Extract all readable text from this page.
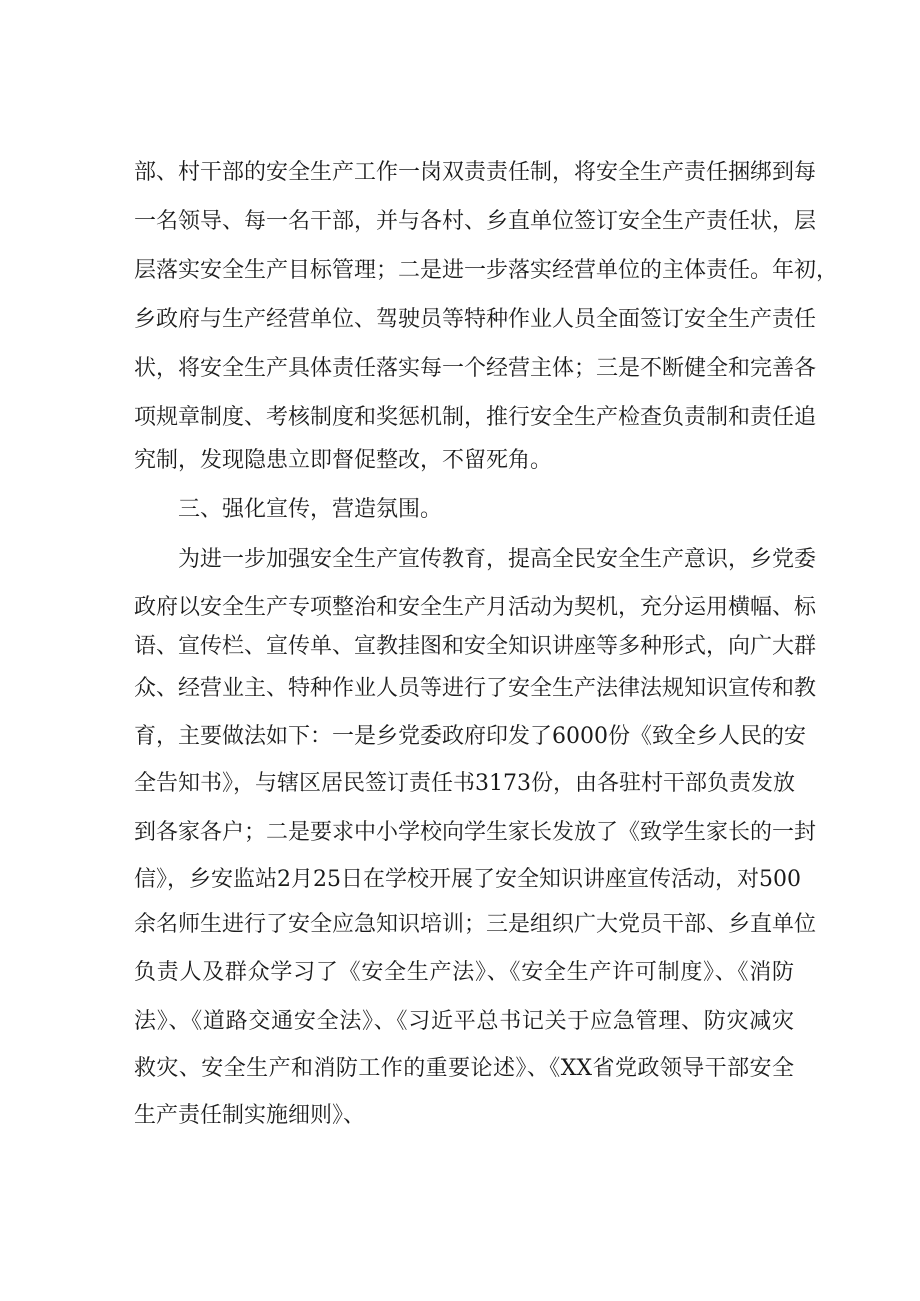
部、村干部的安全生产工作一岗双责责任制，将安全生产责任捆绑到每
一名领导、每一名干部，并与各村、乡直单位签订安全生产责任状，层
层落实安全生产目标管理；二是进一步落实经营单位的主体责任。年初，
乡政府与生产经营单位、驾驶员等特种作业人员全面签订安全生产责任
状，将安全生产具体责任落实每一个经营主体；三是不断健全和完善各
项规章制度、考核制度和奖惩机制，推行安全生产检查负责制和责任追
究制，发现隐患立即督促整改，不留死角。
三、强化宣传，营造氛围。
为进一步加强安全生产宣传教育，提高全民安全生产意识，乡党委
政府以安全生产专项整治和安全生产月活动为契机，充分运用横幅、标
语、宣传栏、宣传单、宣教挂图和安全知识讲座等多种形式，向广大群
众、经营业主、特种作业人员等进行了安全生产法律法规知识宣传和教
育，主要做法如下：一是乡党委政府印发了6000份《致全乡人民的安
全告知书》，与辖区居民签订责任书3173份，由各驻村干部负责发放
到各家各户；二是要求中小学校向学生家长发放了《致学生家长的一封
信》，乡安监站2月25日在学校开展了安全知识讲座宣传活动，对500
余名师生进行了安全应急知识培训；三是组织广大党员干部、乡直单位
负责人及群众学习了《安全生产法》、《安全生产许可制度》、《消防
法》、《道路交通安全法》、《习近平总书记关于应急管理、防灾减灾
救灾、安全生产和消防工作的重要论述》、《XX省党政领导干部安全
生产责任制实施细则》、
